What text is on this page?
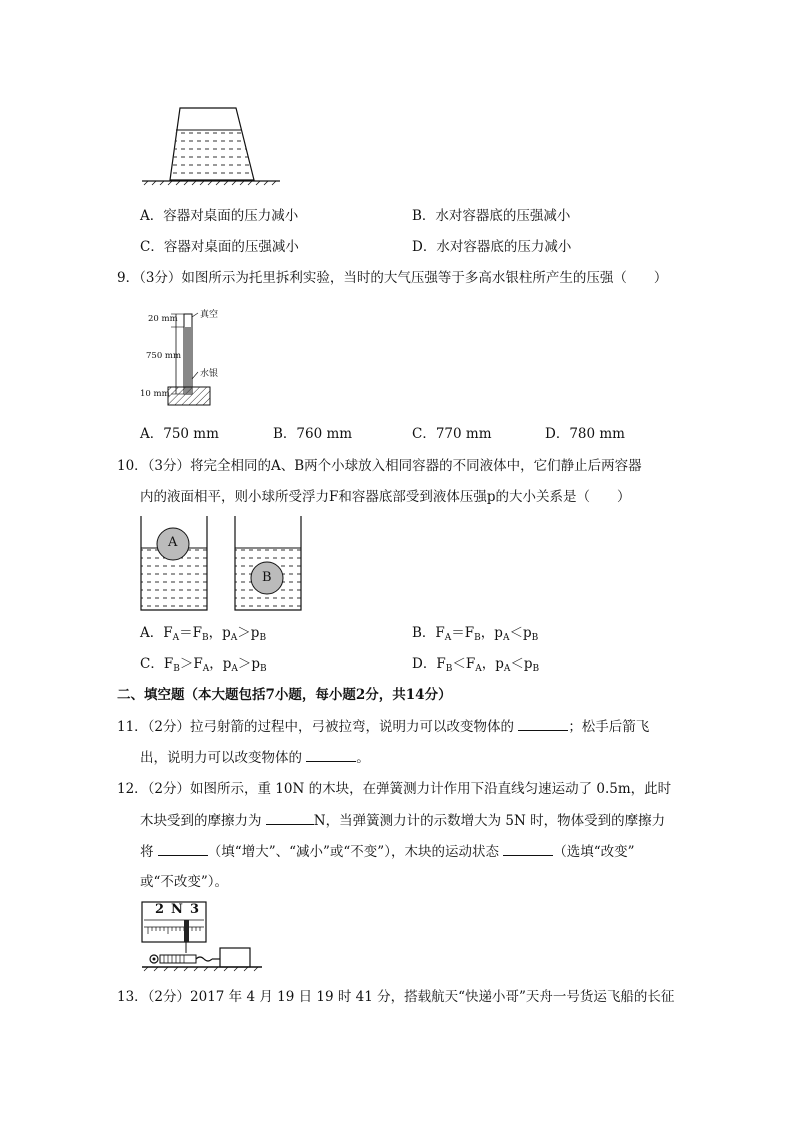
A．容器对桌面的压力减小	B．水对容器底的压强减小
C．容器对桌面的压强减小	D．水对容器底的压力减小
9．（3分）如图所示为托里拆利实验，当时的大气压强等于多高水银柱所产生的压强（　　）
20 mm
750 mm
10 mm
真空
水银
A．750 mm	B．760 mm	C．770 mm	D．780 mm
10．（3分）将完全相同的A、B两个小球放入相同容器的不同液体中，它们静止后两容器
内的液面相平，则小球所受浮力F和容器底部受到液体压强p的大小关系是（　　）
A
B
A．$F_A=F_B$，$p_A>p_B$	B．$F_A=F_B$，$p_A<p_B$
C．$F_B>F_A$，$p_A>p_B$	D．$F_B<F_A$，$p_A<p_B$
二、填空题（本大题包括7小题，每小题2分，共14分）
11．（2分）拉弓射箭的过程中，弓被拉弯，说明力可以改变物体的	；松手后箭飞
出，说明力可以改变物体的	。
12．（2分）如图所示，重 10N 的木块，在弹簧测力计作用下沿直线匀速运动了 0.5m，此时
木块受到的摩擦力为	N，当弹簧测力计的示数增大为 5N 时，物体受到的摩擦力
将	（填“增大”、“减小”或“不变”），木块的运动状态	（选填“改变”
或“不改变”）。
2 N 3
13．（2分）2017 年 4 月 19 日 19 时 41 分，搭载航天“快递小哥”天舟一号货运飞船的长征
